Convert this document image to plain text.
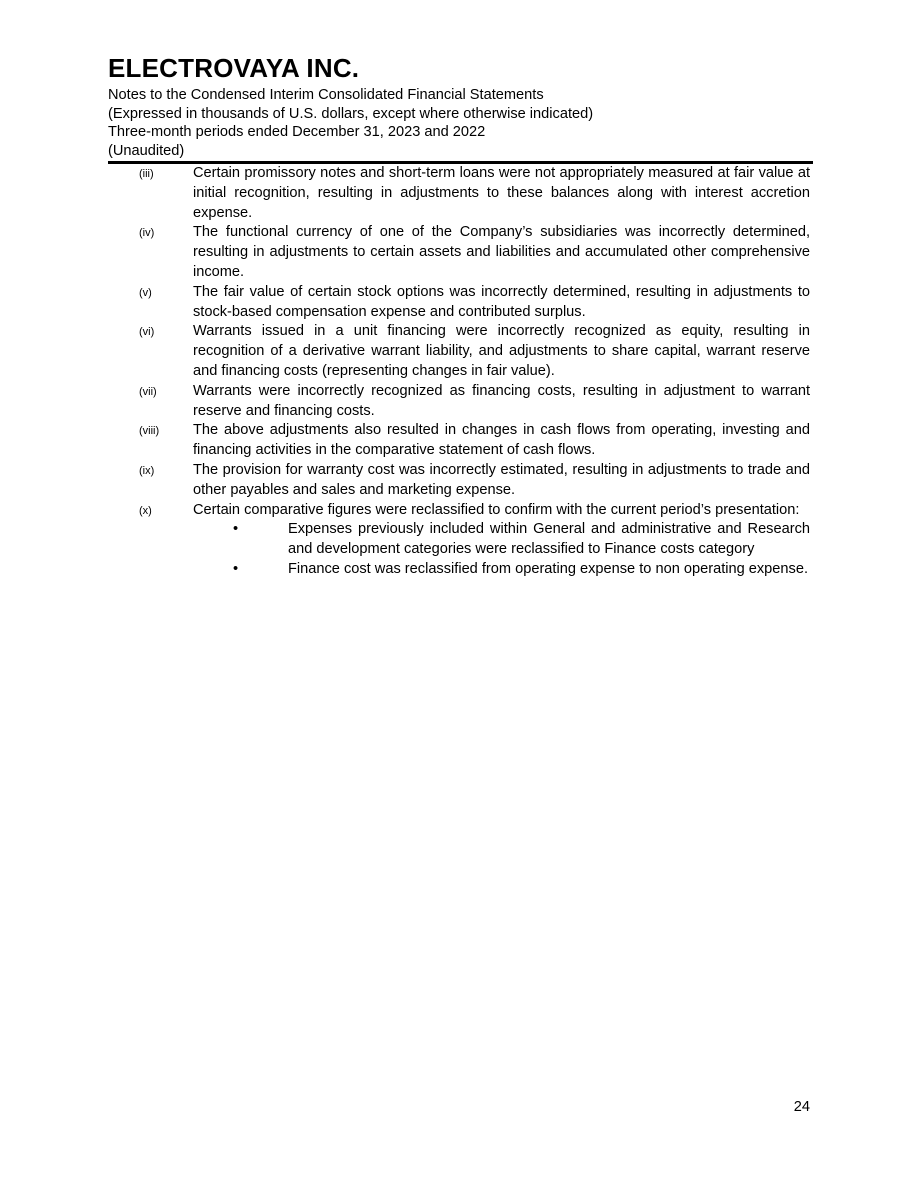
ELECTROVAYA INC.
Notes to the Condensed Interim Consolidated Financial Statements
(Expressed in thousands of U.S. dollars, except where otherwise indicated)
Three-month periods ended December 31, 2023 and 2022
(Unaudited)
(iii)	Certain promissory notes and short-term loans were not appropriately measured at fair value at initial recognition, resulting in adjustments to these balances along with interest accretion expense.
(iv)	The functional currency of one of the Company’s subsidiaries was incorrectly determined, resulting in adjustments to certain assets and liabilities and accumulated other comprehensive income.
(v)	The fair value of certain stock options was incorrectly determined, resulting in adjustments to stock-based compensation expense and contributed surplus.
(vi)	Warrants issued in a unit financing were incorrectly recognized as equity, resulting in recognition of a derivative warrant liability, and adjustments to share capital, warrant reserve and financing costs (representing changes in fair value).
(vii) Warrants were incorrectly recognized as financing costs, resulting in adjustment to warrant reserve and financing costs.
(viii) The above adjustments also resulted in changes in cash flows from operating, investing and financing activities in the comparative statement of cash flows.
(ix)	The provision for warranty cost was incorrectly estimated, resulting in adjustments to trade and other payables and sales and marketing expense.
(x)	Certain comparative figures were reclassified to confirm with the current period’s presentation:
•	Expenses previously included within General and administrative and Research and development categories were reclassified to Finance costs category
•	Finance cost was reclassified from operating expense to non operating expense.
24
